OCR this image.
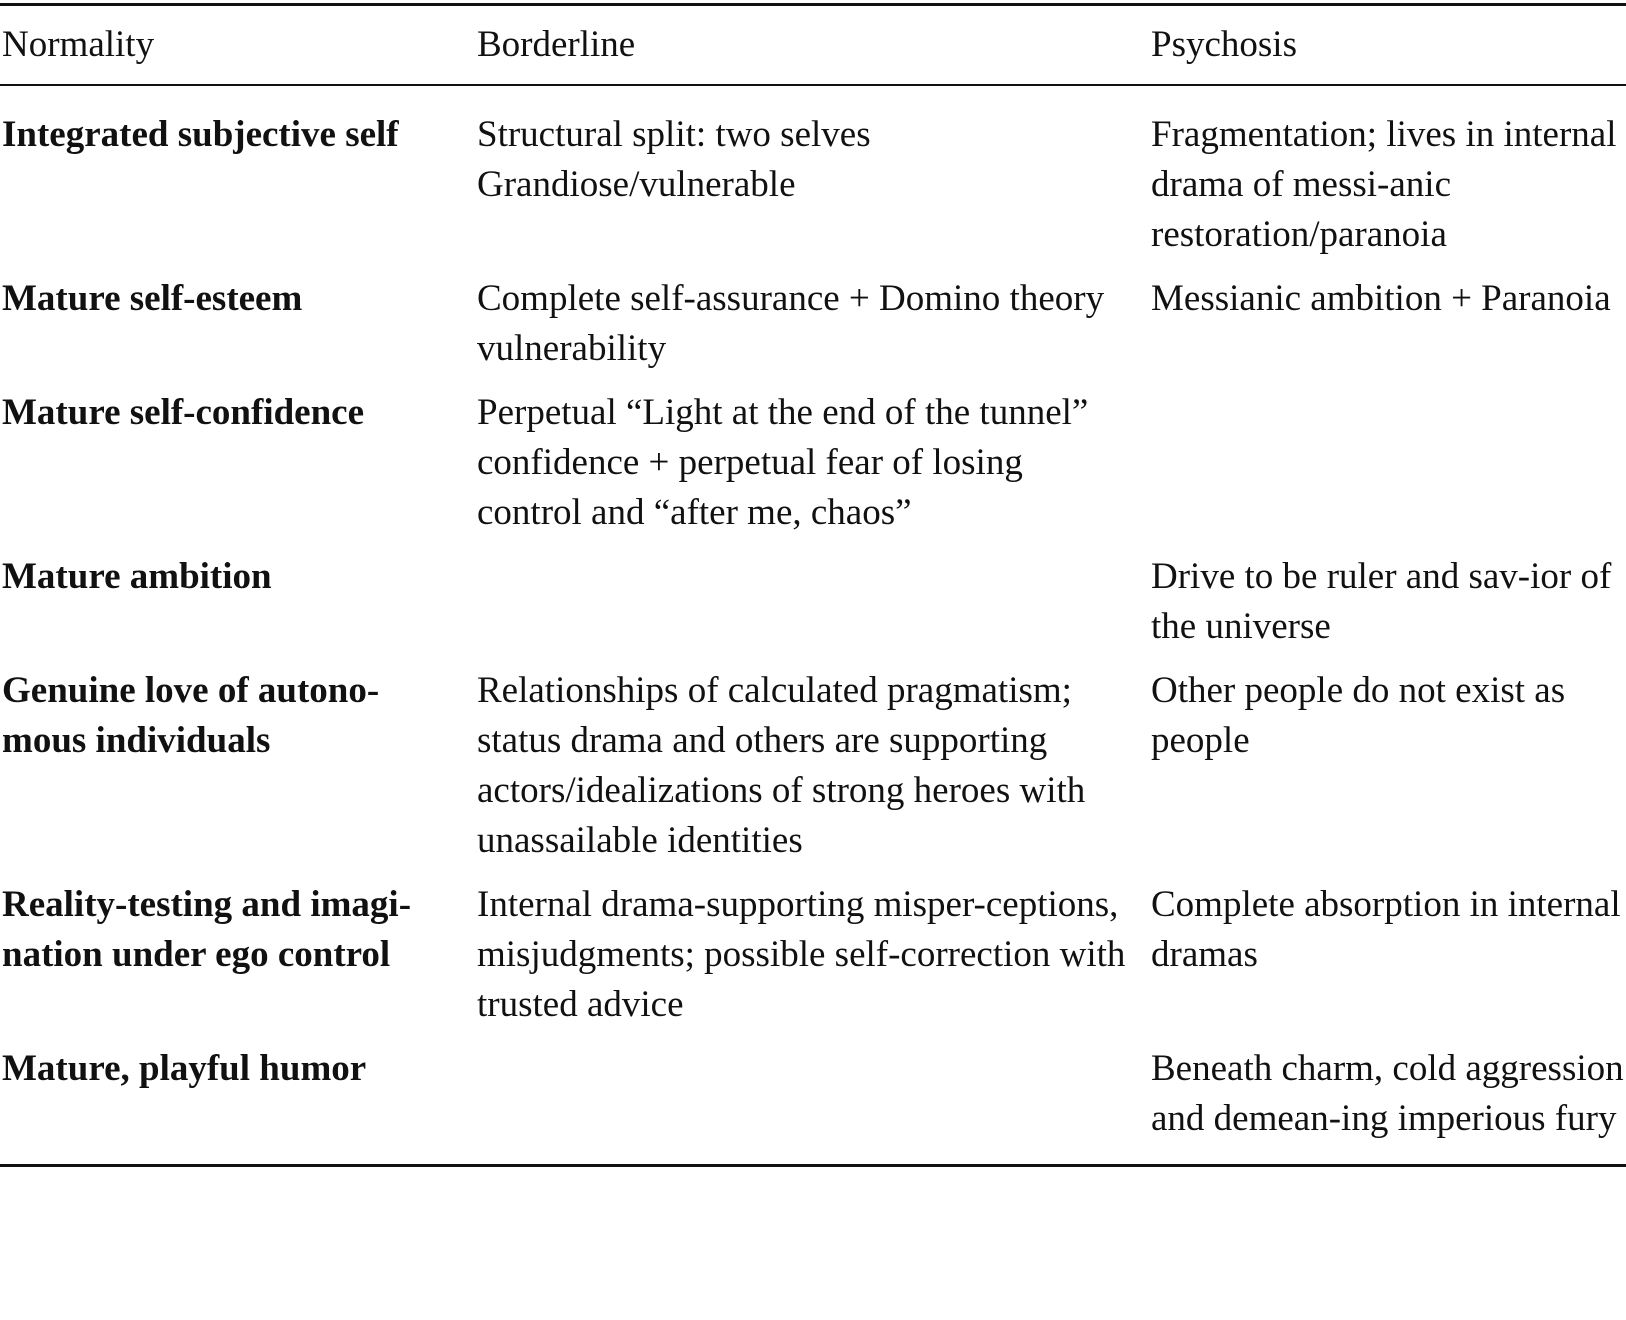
Normality	Borderline	Psychosis

Integrated subjective self	Structural split: two selves Grandiose/vulnerable	Fragmentation; lives in internal drama of messi-anic restoration/paranoia

Mature self-esteem	Complete self-assurance + Domino theory vulnerability	Messianic ambition + Paranoia

Mature self-confidence	Perpetual “Light at the end of the tunnel” confidence + perpetual fear of losing control and “after me, chaos”	

Mature ambition		Drive to be ruler and sav-ior of the universe

Genuine love of autono-mous individuals	Relationships of calculated pragmatism; status drama and others are supporting actors/idealizations of strong heroes with unassailable identities	Other people do not exist as people

Reality-testing and imagi-nation under ego control	Internal drama-supporting misper-ceptions, misjudgments; possible self-correction with trusted advice	Complete absorption in internal dramas

Mature, playful humor		Beneath charm, cold aggression and demean-ing imperious fury
